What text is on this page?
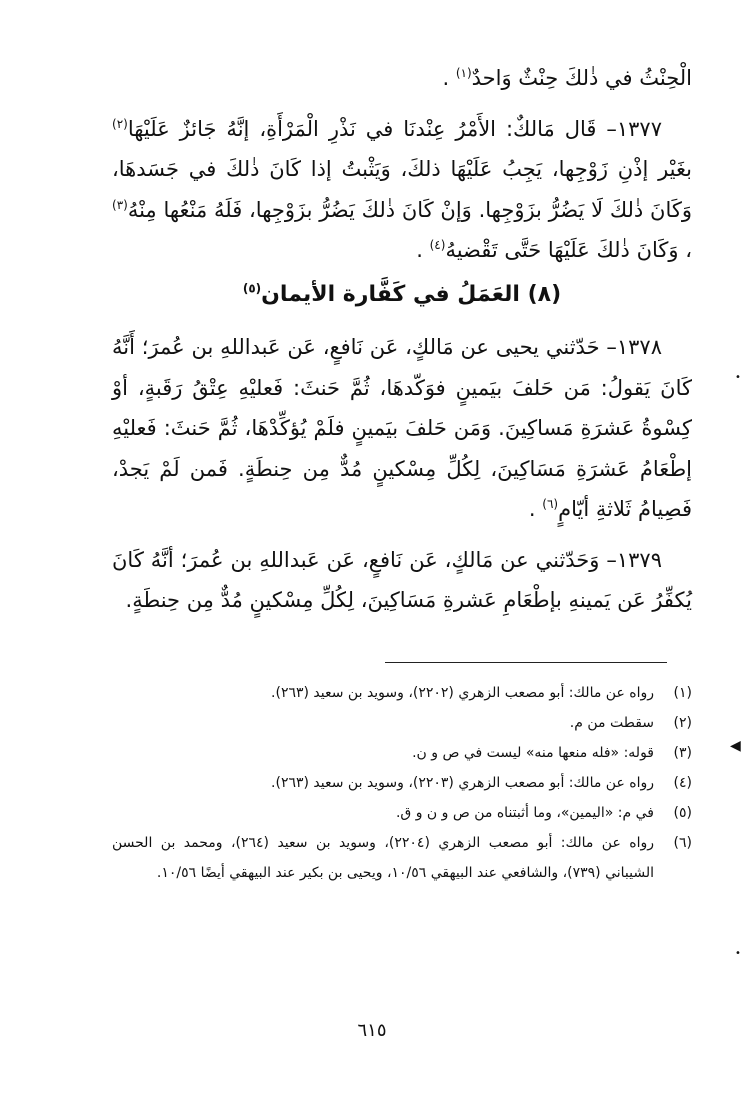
الْحِنْثُ في ذٰلكَ حِنْثٌ وَاحدٌ$^{(١)}$ .

١٣٧٧– قَال مَالكٌ: الأَمْرُ عِنْدنَا في نَذْرِ الْمَرْأَةِ، إنَّهُ جَائزٌ عَلَيْهَا$^{(٢)}$ بغَيْر إذْنِ زَوْجِها، يَجِبُ عَلَيْهَا ذلكَ، وَيَثْبتُ إذا كَانَ ذٰلكَ في جَسَدهَا، وَكَانَ ذٰلكَ لَا يَضُرُّ بزَوْجِها. وَإنْ كَانَ ذٰلكَ يَضُرُّ بزَوْجِها، فَلَهُ مَنْعُها مِنْهُ$^{(٣)}$ ، وَكَانَ ذٰلكَ عَلَيْهَا حَتَّى تَقْضيهُ$^{(٤)}$ .

(٨) العَمَلُ في كَفَّارة الأيمان$^{(٥)}$

١٣٧٨– حَدّثني يحيى عن مَالكٍ، عَن نَافعٍ، عَن عَبداللهِ بن عُمرَ؛ أَنَّهُ كَانَ يَقولُ: مَن حَلفَ بيَمينٍ فوَكّدهَا، ثُمَّ حَنثَ: فَعليْهِ عِتْقُ رَقَبةٍ، أوْ كِسْوةُ عَشرَةِ مَساكِينَ. وَمَن حَلفَ بيَمينٍ فلَمْ يُؤكِّدْهَا، ثُمَّ حَنثَ: فَعليْهِ إطْعَامُ عَشرَةِ مَسَاكِينَ، لِكُلِّ مِسْكينٍ مُدٌّ مِن حِنطَةٍ. فَمن لَمْ يَجدْ، فَصِيامُ ثَلاثةِ أيّامٍ$^{(٦)}$ .

١٣٧٩– وَحَدّثني عن مَالكٍ، عَن نَافعٍ، عَن عَبداللهِ بن عُمرَ؛ أنَّهُ كَانَ يُكفِّرُ عَن يَمينهِ بإطْعَامِ عَشرةِ مَسَاكِينَ، لِكُلِّ مِسْكينٍ مُدٌّ مِن حِنطَةٍ.

(١)
رواه عن مالك: أبو مصعب الزهري (٢٢٠٢)، وسويد بن سعيد (٢٦٣).
(٢)
سقطت من م.
(٣)
قوله: «فله منعها منه» ليست في ص و ن.
(٤)
رواه عن مالك: أبو مصعب الزهري (٢٢٠٣)، وسويد بن سعيد (٢٦٣).
(٥)
في م: «اليمين»، وما أثبتناه من ص و ن و ق.
(٦)
رواه عن مالك: أبو مصعب الزهري (٢٢٠٤)، وسويد بن سعيد (٢٦٤)، ومحمد بن الحسن الشيباني (٧٣٩)، والشافعي عند البيهقي ١٠/٥٦، ويحيى بن بكير عند البيهقي أيضًا ١٠/٥٦.
٦١٥
◀
•
•
